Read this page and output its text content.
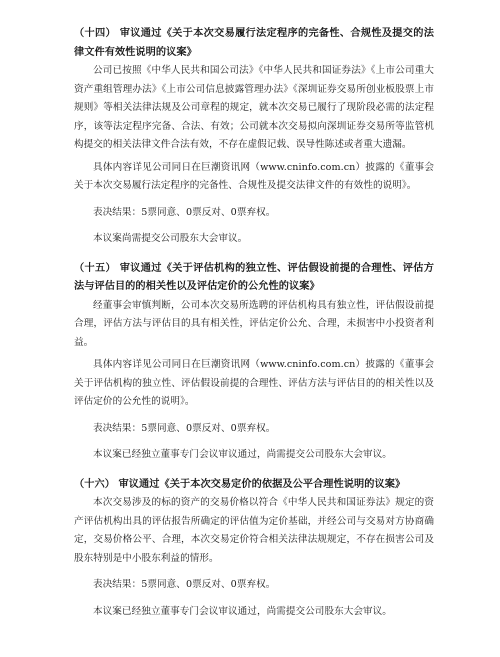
（十四） 审议通过《关于本次交易履行法定程序的完备性、合规性及提交的法律文件有效性说明的议案》

公司已按照《中华人民共和国公司法》《中华人民共和国证券法》《上市公司重大资产重组管理办法》《上市公司信息披露管理办法》《深圳证券交易所创业板股票上市规则》等相关法律法规及公司章程的规定，就本次交易已履行了现阶段必需的法定程序，该等法定程序完备、合法、有效；公司就本次交易拟向深圳证券交易所等监管机构提交的相关法律文件合法有效，不存在虚假记载、误导性陈述或者重大遗漏。

具体内容详见公司同日在巨潮资讯网（www.cninfo.com.cn）披露的《董事会关于本次交易履行法定程序的完备性、合规性及提交法律文件的有效性的说明》。

表决结果：5票同意、0票反对、0票弃权。

本议案尚需提交公司股东大会审议。

（十五） 审议通过《关于评估机构的独立性、评估假设前提的合理性、评估方法与评估目的的相关性以及评估定价的公允性的议案》

经董事会审慎判断，公司本次交易所选聘的评估机构具有独立性，评估假设前提合理，评估方法与评估目的具有相关性，评估定价公允、合理，未损害中小投资者利益。

具体内容详见公司同日在巨潮资讯网（www.cninfo.com.cn）披露的《董事会关于评估机构的独立性、评估假设前提的合理性、评估方法与评估目的的相关性以及评估定价的公允性的说明》。

表决结果：5票同意、0票反对、0票弃权。

本议案已经独立董事专门会议审议通过，尚需提交公司股东大会审议。

（十六） 审议通过《关于本次交易定价的依据及公平合理性说明的议案》

本次交易涉及的标的资产的交易价格以符合《中华人民共和国证券法》规定的资产评估机构出具的评估报告所确定的评估值为定价基础，并经公司与交易对方协商确定，交易价格公平、合理，本次交易定价符合相关法律法规规定，不存在损害公司及股东特别是中小股东利益的情形。

表决结果：5票同意、0票反对、0票弃权。

本议案已经独立董事专门会议审议通过，尚需提交公司股东大会审议。
